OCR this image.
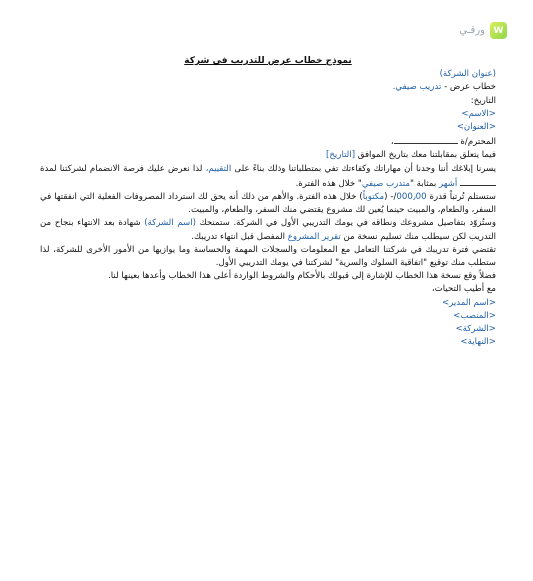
ورقـي W

نموذج خطاب عرض للتدريب في شركة

(عنوان الشركة)

خطاب عرض - تدريب صيفي.

التاريخ:

<الاسم>

<العنوان>

المحترم/ة ،

فيما يتعلق بمقابلتنا معك بتاريخ الموافق [التاريخ]

يسرنا إبلاغك أننا وجدنا أن مهاراتك وكفاءتك تفي بمتطلباتنا وذلك بناءً على التقييم، لذا نعرض عليك فرصة الانضمام لشركتنا لمدة  أشهر بمثابة "متدرب صيفي" خلال هذه الفترة.

ستستلم تُرتباً قدرة 000٫00/- (مكتوباً) خلال هذه الفترة. والأهم من ذلك أنه يحق لك استرداد المصروفات الفعلية التي انفقتها في السفر، والطعام، والمبيت حينما يُعين لك مشروع يقتضي منك السفر، والطعام، والمبيت.

وستُزوّد بتفاصيل مشروعك ونطاقه في يومك التدريبي الأول في الشركة. ستمنحك (اسم الشركة) شهادة بعد الانتهاء بنجاح من التدريب لكن سيطلب منك تسليم نسخة من تقرير المشروع المفصل قبل انتهاء تدريبك.

تقتضي فترة تدريبك في شركتنا التعامل مع المعلومات والسجلات المهمة والحساسة وما يوازيها من الأمور الأخرى للشركة، لذا ستطلب منك توقيع "اتفاقية السلوك والسرية" لشركتنا في يومك التدريبي الأول.

فضلاً وقع نسخة هذا الخطاب للإشارة إلى قبولك بالأحكام والشروط الواردة أعلى هذا الخطاب وأعدها بعينها لنا.

مع أطيب التحيات،

<اسم المدير>

<المنصب>

<الشركة>

<النهاية>
